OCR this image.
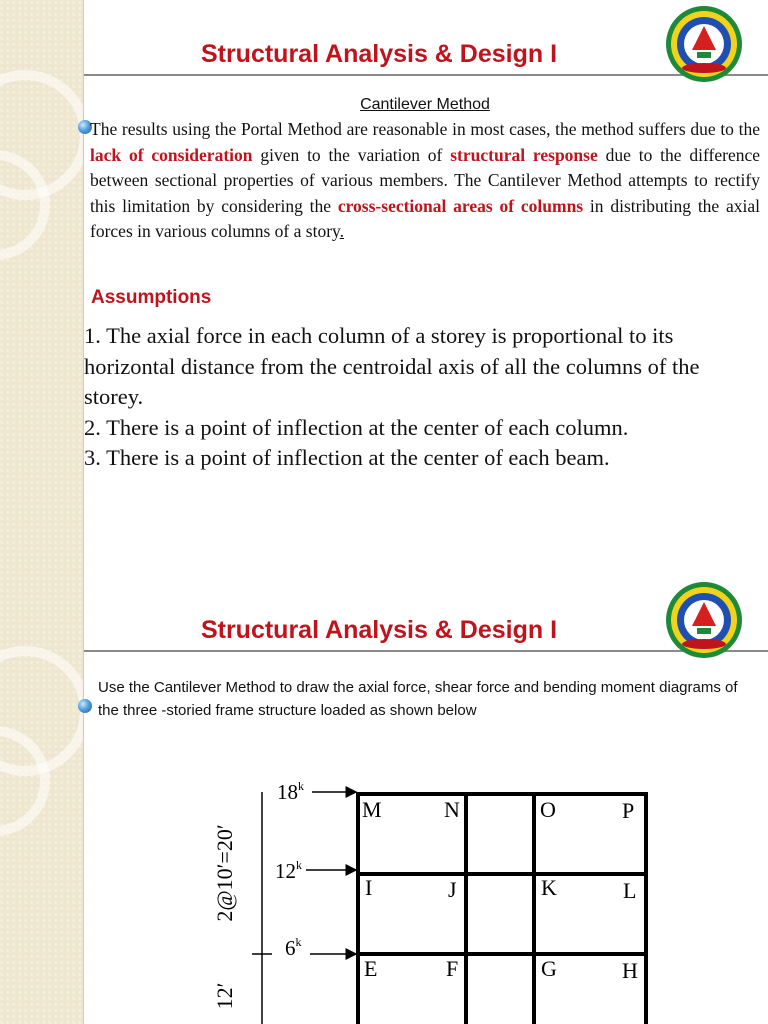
Structural Analysis & Design I
Cantilever Method
The results using the Portal Method are reasonable in most cases, the method suffers due to the lack of consideration given to the variation of structural response due to the difference between sectional properties of various members. The Cantilever Method attempts to rectify this limitation by considering the cross-sectional areas of columns in distributing the axial forces in various columns of a story.
Assumptions
1. The axial force in each column of a storey is proportional to its horizontal distance from the centroidal axis of all the columns of the storey.
2. There is a point of inflection at the center of each column.
3. There is a point of inflection at the center of each beam.
Structural Analysis & Design I
Use the Cantilever Method to draw the axial force, shear force and bending moment diagrams of the three -storied frame structure loaded as shown below
2@10′=20′
12′
18$^k$
12$^k$
6$^k$
M	N	O	P
I	J	K	L
E	F	G	H
